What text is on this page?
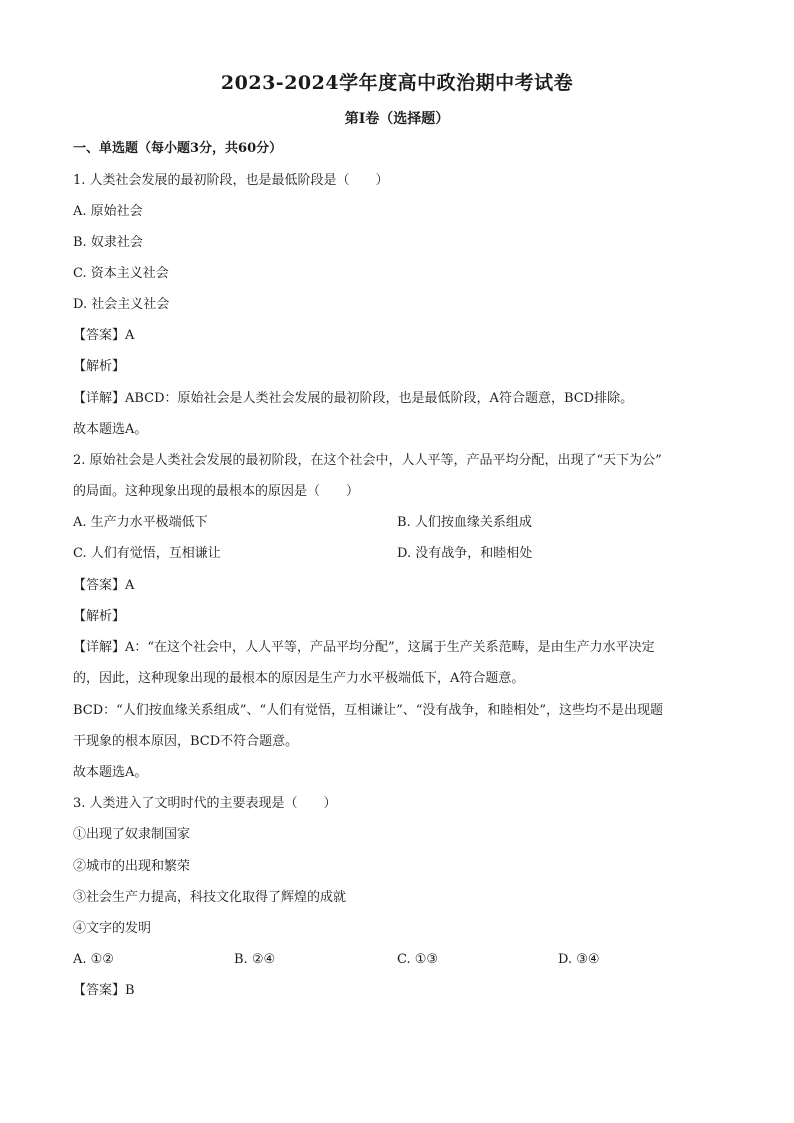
2023-2024学年度高中政治期中考试卷
第I卷（选择题）
一、单选题（每小题3分，共60分）
1. 人类社会发展的最初阶段，也是最低阶段是（　　）
A. 原始社会
B. 奴隶社会
C. 资本主义社会
D. 社会主义社会
【答案】A
【解析】
【详解】ABCD：原始社会是人类社会发展的最初阶段，也是最低阶段，A符合题意，BCD排除。
故本题选A。
2. 原始社会是人类社会发展的最初阶段，在这个社会中，人人平等，产品平均分配，出现了“天下为公”
的局面。这种现象出现的最根本的原因是（　　）
A. 生产力水平极端低下	B. 人们按血缘关系组成
C. 人们有觉悟，互相谦让	D. 没有战争，和睦相处
【答案】A
【解析】
【详解】A：“在这个社会中，人人平等，产品平均分配”，这属于生产关系范畴，是由生产力水平决定
的，因此，这种现象出现的最根本的原因是生产力水平极端低下，A符合题意。
BCD：“人们按血缘关系组成”、“人们有觉悟，互相谦让”、“没有战争，和睦相处”，这些均不是出现题
干现象的根本原因，BCD不符合题意。
故本题选A。
3. 人类进入了文明时代的主要表现是（　　）
①出现了奴隶制国家
②城市的出现和繁荣
③社会生产力提高，科技文化取得了辉煌的成就
④文字的发明
A. ①②	B. ②④	C. ①③	D. ③④
【答案】B
